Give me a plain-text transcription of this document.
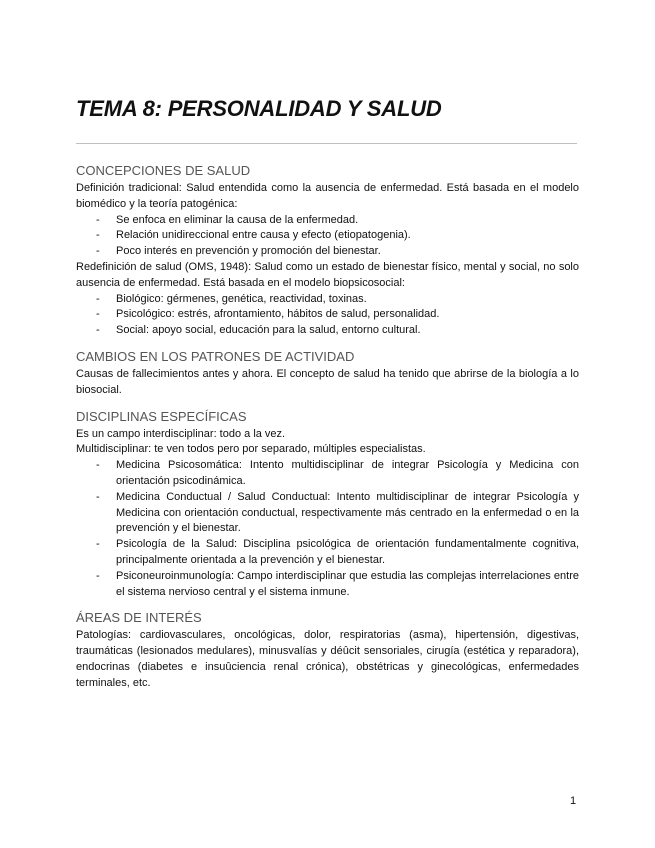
TEMA 8: PERSONALIDAD Y SALUD
CONCEPCIONES DE SALUD

Definición tradicional: Salud entendida como la ausencia de enfermedad. Está basada en el modelo biomédico y la teoría patogénica:

- Se enfoca en eliminar la causa de la enfermedad.
- Relación unidireccional entre causa y efecto (etiopatogenia).
- Poco interés en prevención y promoción del bienestar.

Redefinición de salud (OMS, 1948): Salud como un estado de bienestar físico, mental y social, no solo ausencia de enfermedad. Está basada en el modelo biopsicosocial:

- Biológico: gérmenes, genética, reactividad, toxinas.
- Psicológico: estrés, afrontamiento, hábitos de salud, personalidad.
- Social: apoyo social, educación para la salud, entorno cultural.
CAMBIOS EN LOS PATRONES DE ACTIVIDAD

Causas de fallecimientos antes y ahora. El concepto de salud ha tenido que abrirse de la biología a lo biosocial.

DISCIPLINAS ESPECÍFICAS

Es un campo interdisciplinar: todo a la vez.

Multidisciplinar: te ven todos pero por separado, múltiples especialistas.

- Medicina Psicosomática: Intento multidisciplinar de integrar Psicología y Medicina con orientación psicodinámica.
- Medicina Conductual / Salud Conductual: Intento multidisciplinar de integrar Psicología y Medicina con orientación conductual, respectivamente más centrado en la enfermedad o en la prevención y el bienestar.
- Psicología de la Salud: Disciplina psicológica de orientación fundamentalmente cognitiva, principalmente orientada a la prevención y el bienestar.
- Psiconeuroinmunología: Campo interdisciplinar que estudia las complejas interrelaciones entre el sistema nervioso central y el sistema inmune.
ÁREAS DE INTERÉS

Patologías: cardiovasculares, oncológicas, dolor, respiratorias (asma), hipertensión, digestivas, traumáticas (lesionados medulares), minusvalías y déûcit sensoriales, cirugía (estética y reparadora), endocrinas (diabetes e insuûciencia renal crónica), obstétricas y ginecológicas, enfermedades terminales, etc.

1
